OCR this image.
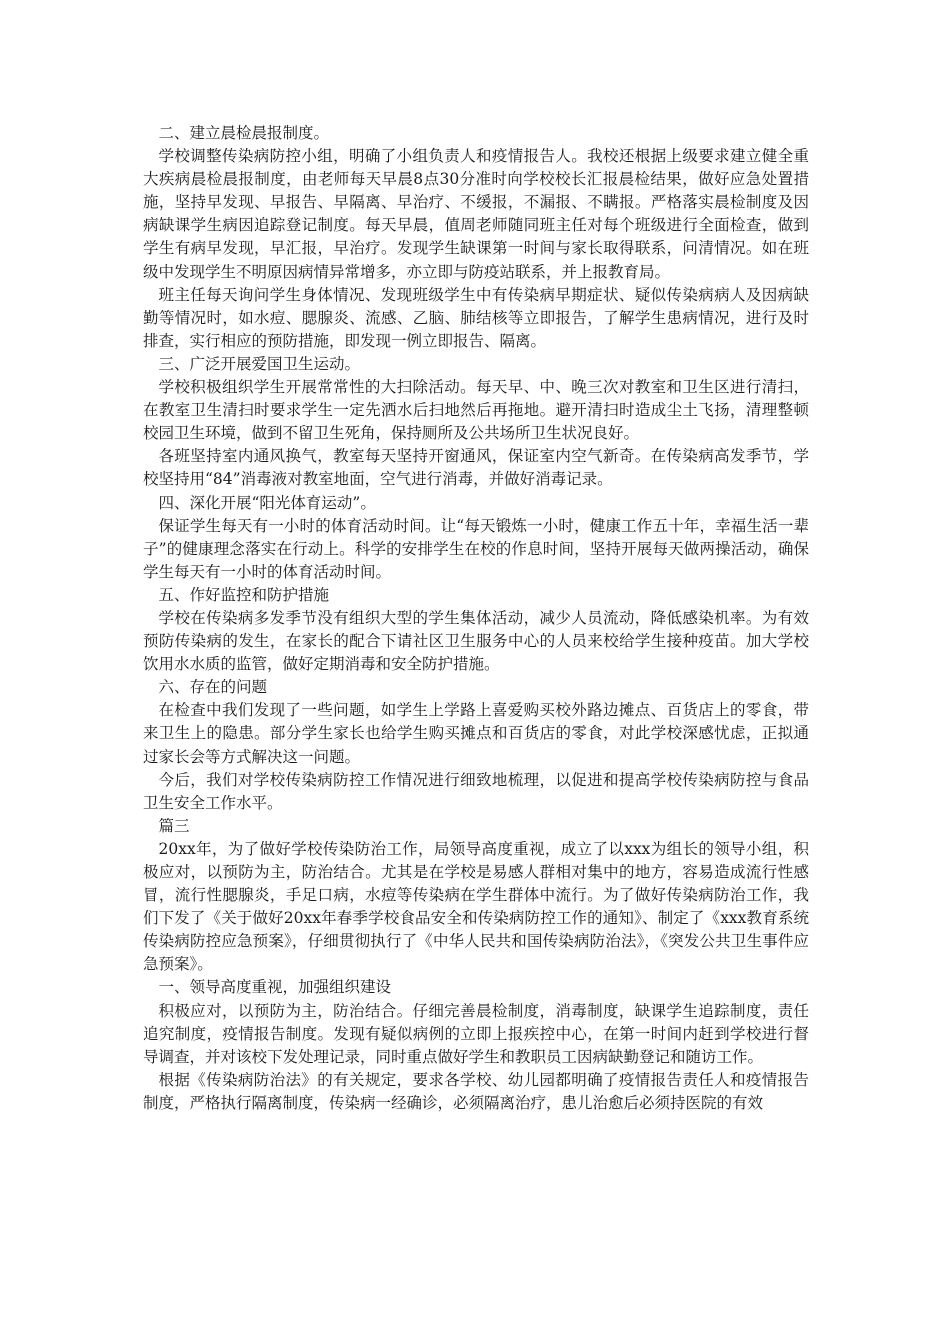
二、建立晨检晨报制度。

学校调整传染病防控小组，明确了小组负责人和疫情报告人。我校还根据上级要求建立健全重大疾病晨检晨报制度，由老师每天早晨8点30分准时向学校校长汇报晨检结果，做好应急处置措施，坚持早发现、早报告、早隔离、早治疗、不缓报，不漏报、不瞒报。严格落实晨检制度及因病缺课学生病因追踪登记制度。每天早晨，值周老师随同班主任对每个班级进行全面检查，做到学生有病早发现，早汇报，早治疗。发现学生缺课第一时间与家长取得联系，问清情况。如在班级中发现学生不明原因病情异常增多，亦立即与防疫站联系，并上报教育局。

班主任每天询问学生身体情况、发现班级学生中有传染病早期症状、疑似传染病病人及因病缺勤等情况时，如水痘、腮腺炎、流感、乙脑、肺结核等立即报告，了解学生患病情况，进行及时排查，实行相应的预防措施，即发现一例立即报告、隔离。

三、广泛开展爱国卫生运动。

学校积极组织学生开展常常性的大扫除活动。每天早、中、晚三次对教室和卫生区进行清扫，在教室卫生清扫时要求学生一定先洒水后扫地然后再拖地。避开清扫时造成尘土飞扬，清理整顿校园卫生环境，做到不留卫生死角，保持厕所及公共场所卫生状况良好。

各班坚持室内通风换气，教室每天坚持开窗通风，保证室内空气新奇。在传染病高发季节，学校坚持用“84”消毒液对教室地面，空气进行消毒，并做好消毒记录。

四、深化开展“阳光体育运动”。

保证学生每天有一小时的体育活动时间。让“每天锻炼一小时，健康工作五十年，幸福生活一辈子”的健康理念落实在行动上。科学的安排学生在校的作息时间，坚持开展每天做两操活动，确保学生每天有一小时的体育活动时间。

五、作好监控和防护措施

学校在传染病多发季节没有组织大型的学生集体活动，减少人员流动，降低感染机率。为有效预防传染病的发生，在家长的配合下请社区卫生服务中心的人员来校给学生接种疫苗。加大学校饮用水水质的监管，做好定期消毒和安全防护措施。

六、存在的问题

在检查中我们发现了一些问题，如学生上学路上喜爱购买校外路边摊点、百货店上的零食，带来卫生上的隐患。部分学生家长也给学生购买摊点和百货店的零食，对此学校深感忧虑，正拟通过家长会等方式解决这一问题。

今后，我们对学校传染病防控工作情况进行细致地梳理，以促进和提高学校传染病防控与食品卫生安全工作水平。

篇三

20xx年，为了做好学校传染防治工作，局领导高度重视，成立了以xxx为组长的领导小组，积极应对，以预防为主，防治结合。尤其是在学校是易感人群相对集中的地方，容易造成流行性感冒，流行性腮腺炎，手足口病，水痘等传染病在学生群体中流行。为了做好传染病防治工作，我们下发了《关于做好20xx年春季学校食品安全和传染病防控工作的通知》、制定了《xxx教育系统传染病防控应急预案》，仔细贯彻执行了《中华人民共和国传染病防治法》，《突发公共卫生事件应急预案》。

一、领导高度重视，加强组织建设

积极应对，以预防为主，防治结合。仔细完善晨检制度，消毒制度，缺课学生追踪制度，责任追究制度，疫情报告制度。发现有疑似病例的立即上报疾控中心，在第一时间内赶到学校进行督导调查，并对该校下发处理记录，同时重点做好学生和教职员工因病缺勤登记和随访工作。

根据《传染病防治法》的有关规定，要求各学校、幼儿园都明确了疫情报告责任人和疫情报告制度，严格执行隔离制度，传染病一经确诊，必须隔离治疗，患儿治愈后必须持医院的有效
